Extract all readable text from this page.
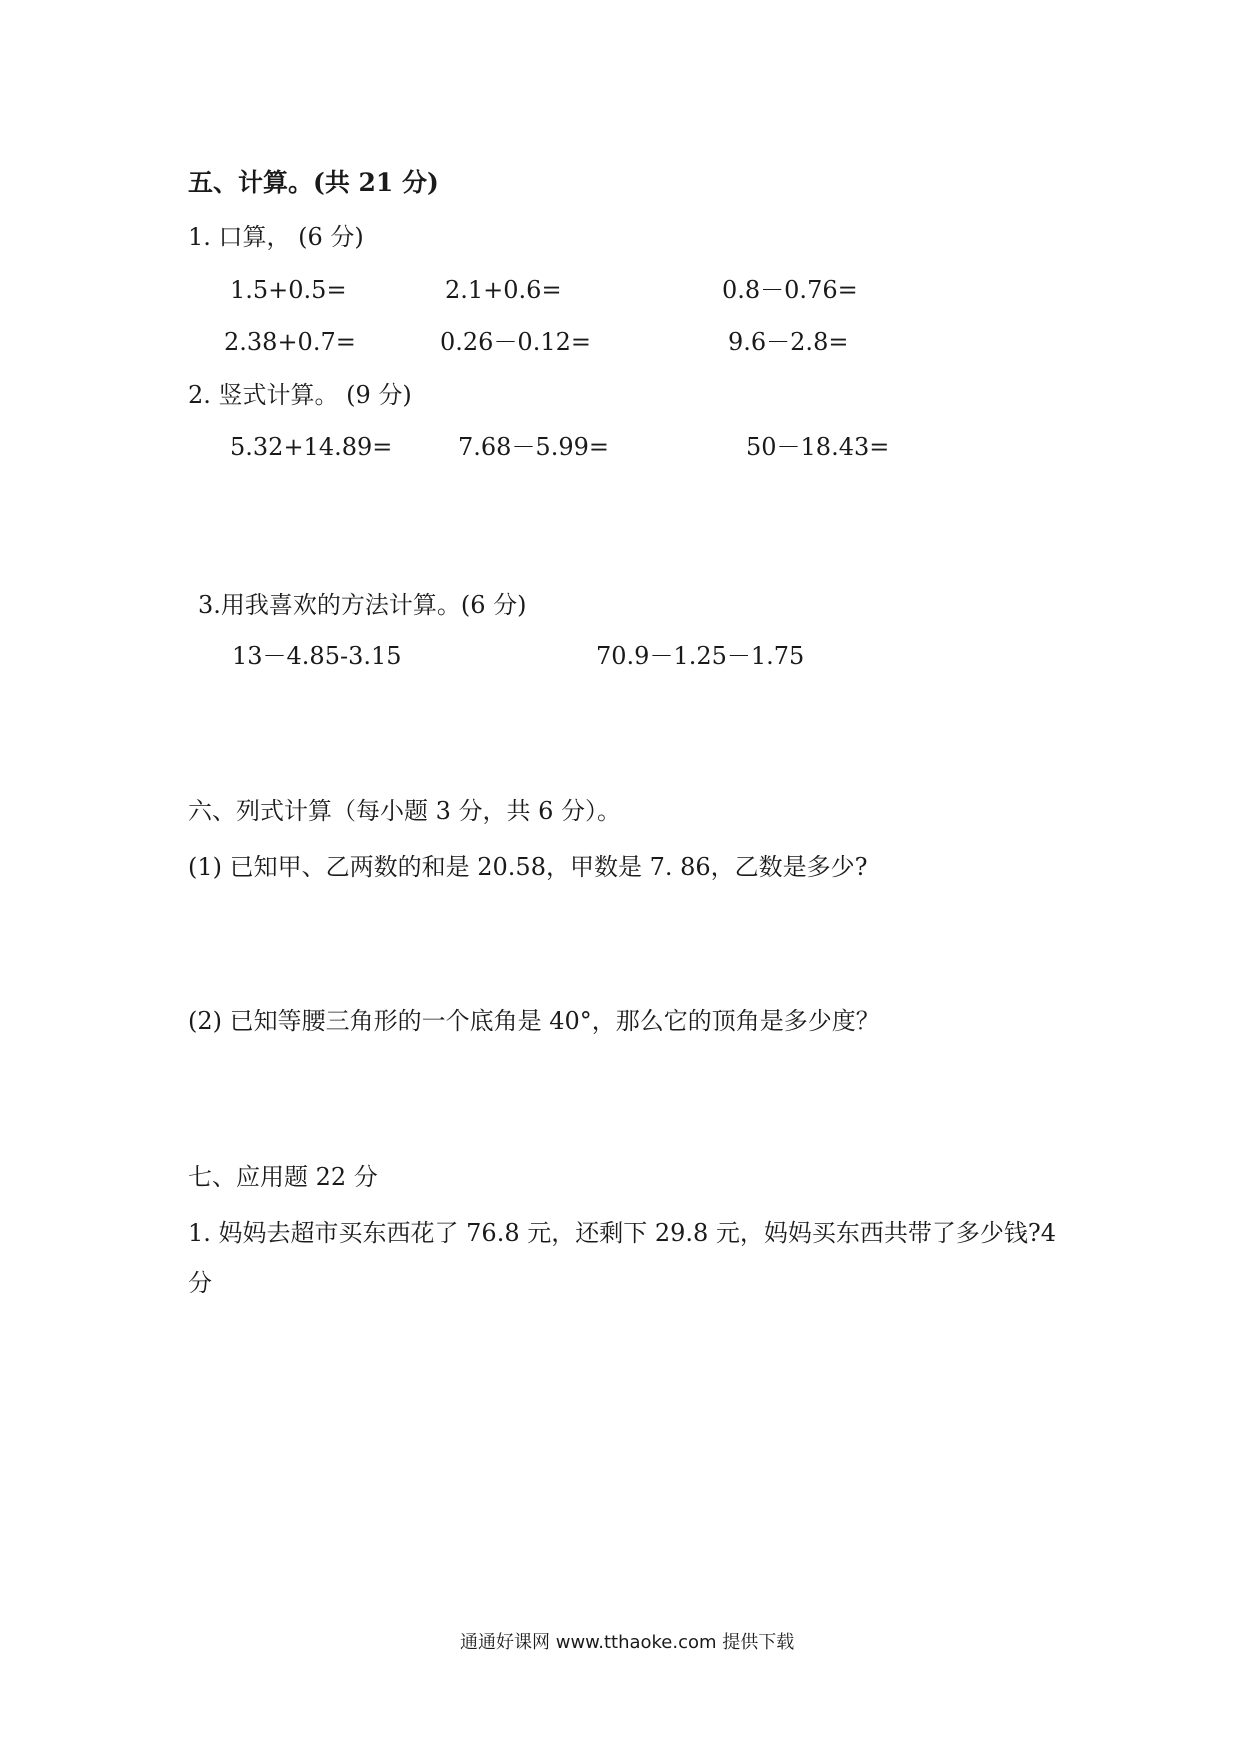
五、计算。(共 21 分)
1. 口算， (6 分)
1.5+0.5=	2.1+0.6=	0.8－0.76=
2.38+0.7=	0.26－0.12=	9.6－2.8=
2. 竖式计算。 (9 分)
5.32+14.89=	7.68－5.99=	50－18.43=
3.用我喜欢的方法计算。(6 分)
13－4.85-3.15	70.9－1.25－1.75
六、列式计算（每小题 3 分，共 6 分）。
(1) 已知甲、乙两数的和是 20.58，甲数是 7. 86，乙数是多少?
(2) 已知等腰三角形的一个底角是 40°，那么它的顶角是多少度？
七、应用题 22 分
1. 妈妈去超市买东西花了 76.8 元，还剩下 29.8 元，妈妈买东西共带了多少钱?4
分
通通好课网 www.tthaoke.com 提供下载
